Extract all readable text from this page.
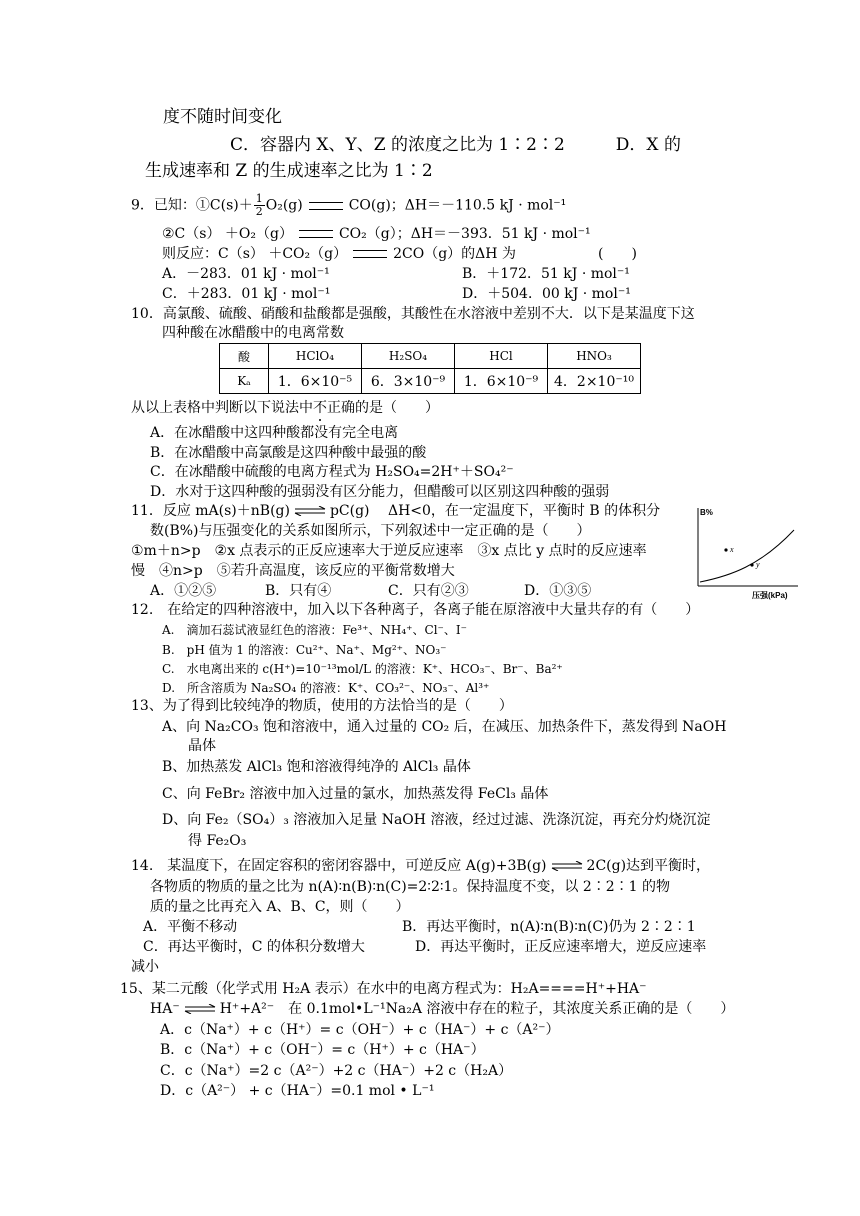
度不随时间变化
C．容器内 X、Y、Z 的浓度之比为 1∶2∶2　　　D．X 的
生成速率和 Z 的生成速率之比为 1∶2
9．已知：①C(s)＋ $\frac{1}{2} O_2(g)$	CO(g)；ΔH＝－110.5 kJ · mol⁻¹
②C（s） ＋O₂（g）	CO₂（g）；ΔH＝－393．51 kJ · mol⁻¹
则反应：C（s） ＋CO₂（g）	2CO（g）的ΔH 为	(　　)
A．－283．01 kJ · mol⁻¹	B．＋172．51 kJ · mol⁻¹
C．＋283．01 kJ · mol⁻¹	D．＋504．00 kJ · mol⁻¹
10．高氯酸、硫酸、硝酸和盐酸都是强酸，其酸性在水溶液中差别不大．以下是某温度下这
四种酸在冰醋酸中的电离常数
酸	HClO₄	H₂SO₄	HCl	HNO₃
Kₐ	1．6×10⁻⁵	6．3×10⁻⁹	1．6×10⁻⁹	4．2×10⁻¹⁰
从以上表格中判断以下说法中不正确的是（　　）
A．在冰醋酸中这四种酸都没有完全电离
B．在冰醋酸中高氯酸是这四种酸中最强的酸
C．在冰醋酸中硫酸的电离方程式为 H₂SO₄=2H⁺＋SO₄²⁻
D．水对于这四种酸的强弱没有区分能力，但醋酸可以区别这四种酸的强弱
11．反应 mA(s)＋nB(g) ⇌ pC(g)　 ΔH<0，在一定温度下，平衡时 B 的体积分
数(B%)与压强变化的关系如图所示，下列叙述中一定正确的是（　　）
①m＋n>p　②x 点表示的正反应速率大于逆反应速率　③x 点比 y 点时的反应速率
慢　④n>p　⑤若升高温度，该反应的平衡常数增大
A．①②⑤	B．只有④	C．只有②③	D．①③⑤
B%
x
y
压强(kPa)
12.　在给定的四种溶液中，加入以下各种离子，各离子能在原溶液中大量共存的有（　　）
A.　滴加石蕊试液显红色的溶液：Fe³⁺、NH₄⁺、Cl⁻、I⁻
B.　pH 值为 1 的溶液：Cu²⁺、Na⁺、Mg²⁺、NO₃⁻
C.　水电离出来的 c(H⁺)=10⁻¹³mol/L 的溶液：K⁺、HCO₃⁻、Br⁻、Ba²⁺
D.　所含溶质为 Na₂SO₄ 的溶液：K⁺、CO₃²⁻、NO₃⁻、Al³⁺
13、为了得到比较纯净的物质，使用的方法恰当的是（　　）
A、向 Na₂CO₃ 饱和溶液中，通入过量的 CO₂ 后，在减压、加热条件下，蒸发得到 NaOH
晶体
B、加热蒸发 AlCl₃ 饱和溶液得纯净的 AlCl₃ 晶体
C、向 FeBr₂ 溶液中加入过量的氯水，加热蒸发得 FeCl₃ 晶体
D、向 Fe₂（SO₄）₃ 溶液加入足量 NaOH 溶液，经过过滤、洗涤沉淀，再充分灼烧沉淀
得 Fe₂O₃
14.　某温度下，在固定容积的密闭容器中，可逆反应 A(g)+3B(g) ⇌ 2C(g)达到平衡时，
各物质的物质的量之比为 n(A)∶n(B)∶n(C)=2∶2∶1。保持温度不变，以 2∶2∶1 的物
质的量之比再充入 A、B、C，则（　　）
A．平衡不移动	B．再达平衡时，n(A)∶n(B)∶n(C)仍为 2∶2∶1
C．再达平衡时，C 的体积分数增大	D．再达平衡时，正反应速率增大，逆反应速率
减小
15、某二元酸（化学式用 H₂A 表示）在水中的电离方程式为：H₂A====H⁺+HA⁻
HA⁻ ⇌ H⁺+A²⁻　在 0.1mol•L⁻¹Na₂A 溶液中存在的粒子，其浓度关系正确的是（　　）
A．c（Na⁺）+ c（H⁺）= c（OH⁻）+ c（HA⁻）+ c（A²⁻）
B．c（Na⁺）+ c（OH⁻）= c（H⁺）+ c（HA⁻）
C．c（Na⁺）=2 c（A²⁻）+2 c（HA⁻）+2 c（H₂A）
D．c（A²⁻） + c（HA⁻）=0.1 mol • L⁻¹
